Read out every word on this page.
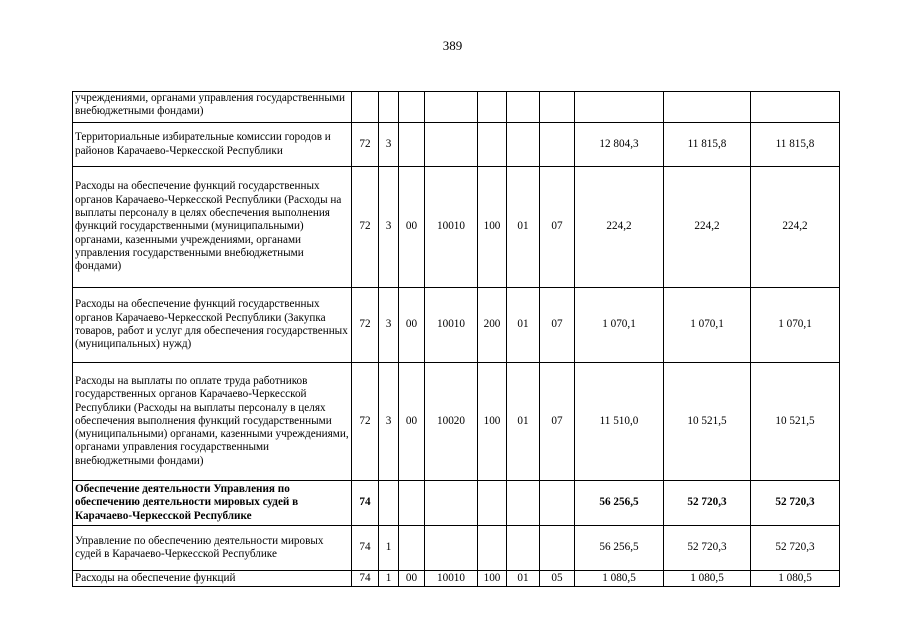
389
учреждениями, органами управления государственными внебюджетными фондами)										
Территориальные избирательные комиссии городов и районов Карачаево-Черкесской Республики	72	3						12 804,3	11 815,8	11 815,8
Расходы на обеспечение функций государственных органов Карачаево-Черкесской Республики (Расходы на выплаты персоналу в целях обеспечения выполнения функций государственными (муниципальными) органами, казенными учреждениями, органами управления государственными внебюджетными фондами)	72	3	00	10010	100	01	07	224,2	224,2	224,2
Расходы на обеспечение функций государственных органов Карачаево-Черкесской Республики (Закупка товаров, работ и услуг для обеспечения государственных (муниципальных) нужд)	72	3	00	10010	200	01	07	1 070,1	1 070,1	1 070,1
Расходы на выплаты по оплате труда работников государственных органов Карачаево-Черкесской Республики (Расходы на выплаты персоналу в целях обеспечения выполнения функций государственными (муниципальными) органами, казенными учреждениями, органами управления государственными внебюджетными фондами)	72	3	00	10020	100	01	07	11 510,0	10 521,5	10 521,5
Обеспечение деятельности Управления по обеспечению деятельности мировых судей в Карачаево-Черкесской Республике	74							56 256,5	52 720,3	52 720,3
Управление по обеспечению деятельности мировых судей в Карачаево-Черкесской Республике	74	1						56 256,5	52 720,3	52 720,3
Расходы на обеспечение функций	74	1	00	10010	100	01	05	1 080,5	1 080,5	1 080,5
